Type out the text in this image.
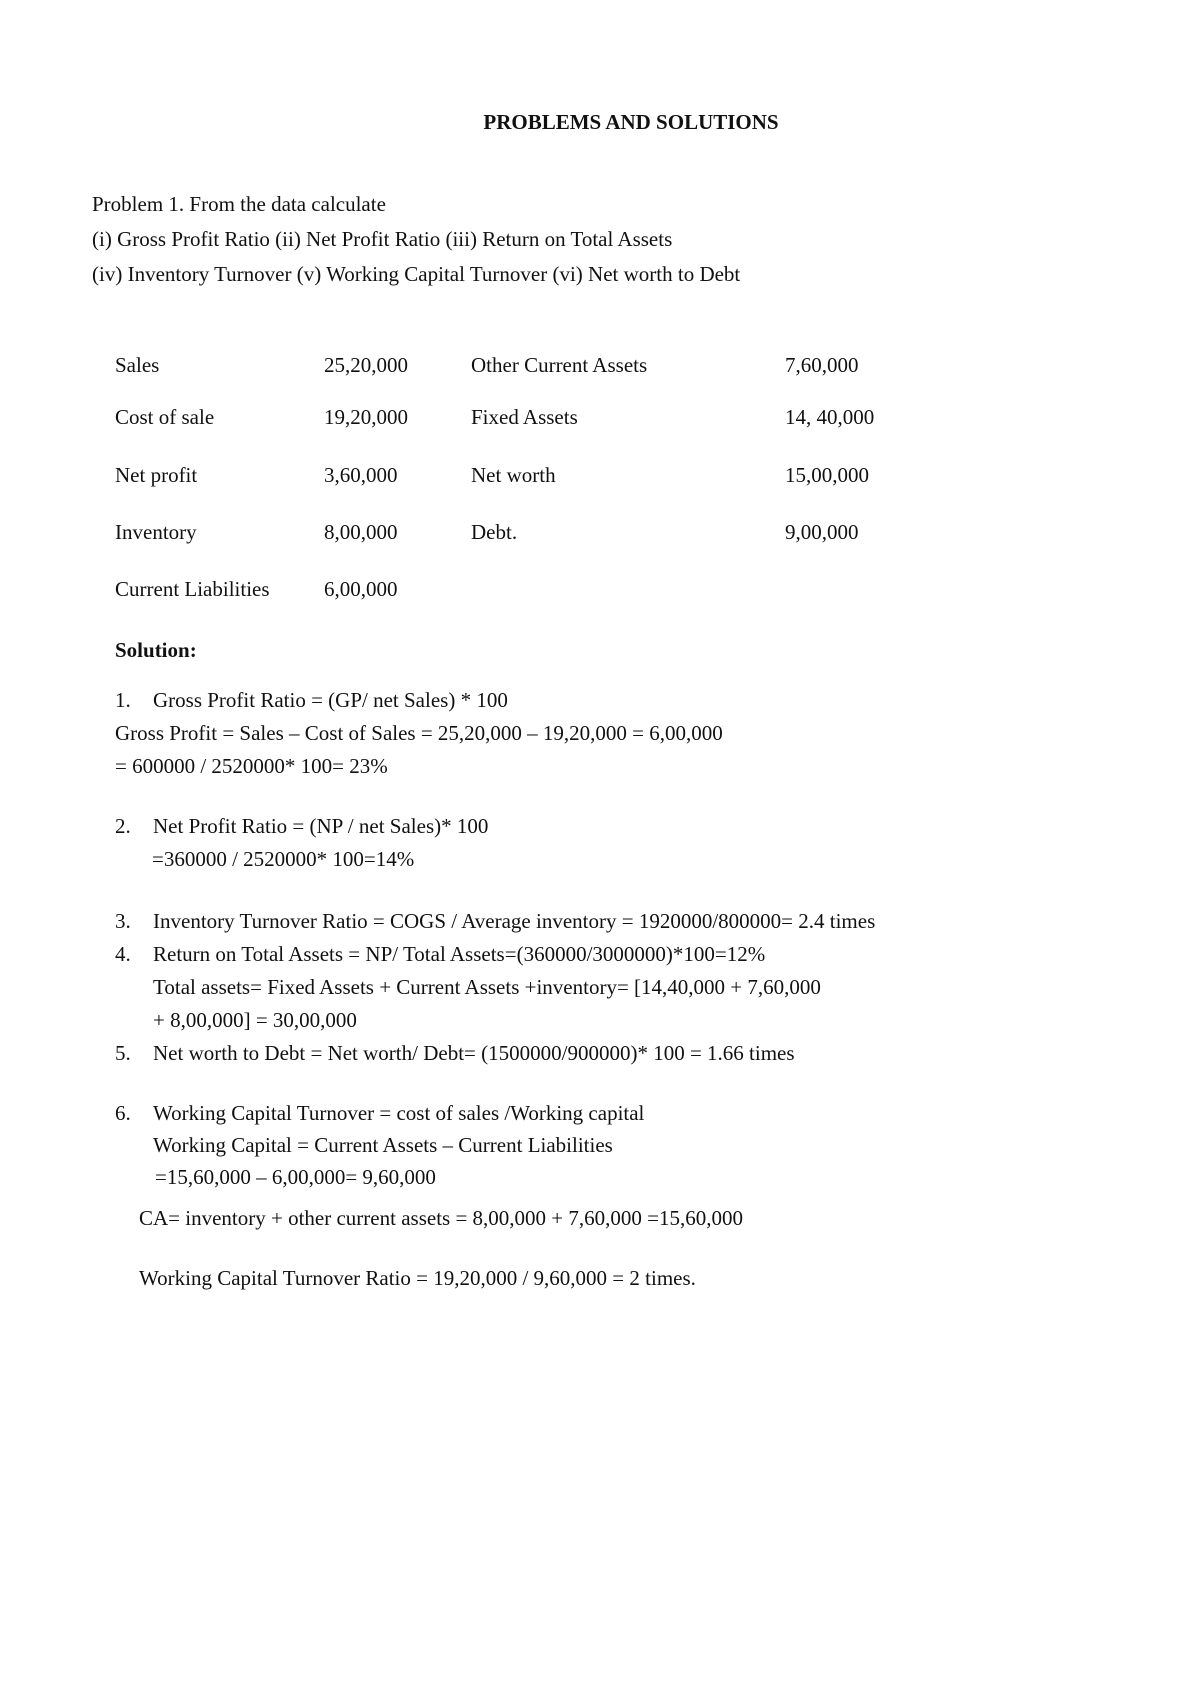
PROBLEMS AND SOLUTIONS
Problem 1. From the data calculate
(i) Gross Profit Ratio (ii) Net Profit Ratio (iii) Return on Total Assets
(iv) Inventory Turnover (v) Working Capital Turnover (vi) Net worth to Debt
Sales	25,20,000	Other Current Assets	7,60,000
Cost of sale	19,20,000	Fixed Assets	14, 40,000
Net profit	3,60,000	Net worth	15,00,000
Inventory	8,00,000	Debt.	9,00,000
Current Liabilities	6,00,000
Solution:
1. Gross Profit Ratio = (GP/ net Sales) * 100
Gross Profit = Sales – Cost of Sales = 25,20,000 – 19,20,000 = 6,00,000
= 600000 / 2520000* 100= 23%
2. Net Profit Ratio = (NP / net Sales)* 100
=360000 / 2520000* 100=14%
3. Inventory Turnover Ratio = COGS / Average inventory = 1920000/800000= 2.4 times
4. Return on Total Assets = NP/ Total Assets=(360000/3000000)*100=12%
Total assets= Fixed Assets + Current Assets +inventory= [14,40,000 + 7,60,000
+ 8,00,000] = 30,00,000
5. Net worth to Debt = Net worth/ Debt= (1500000/900000)* 100 = 1.66 times
6. Working Capital Turnover = cost of sales /Working capital
Working Capital = Current Assets – Current Liabilities
=15,60,000 – 6,00,000= 9,60,000
CA= inventory + other current assets = 8,00,000 + 7,60,000 =15,60,000
Working Capital Turnover Ratio = 19,20,000 / 9,60,000 = 2 times.
